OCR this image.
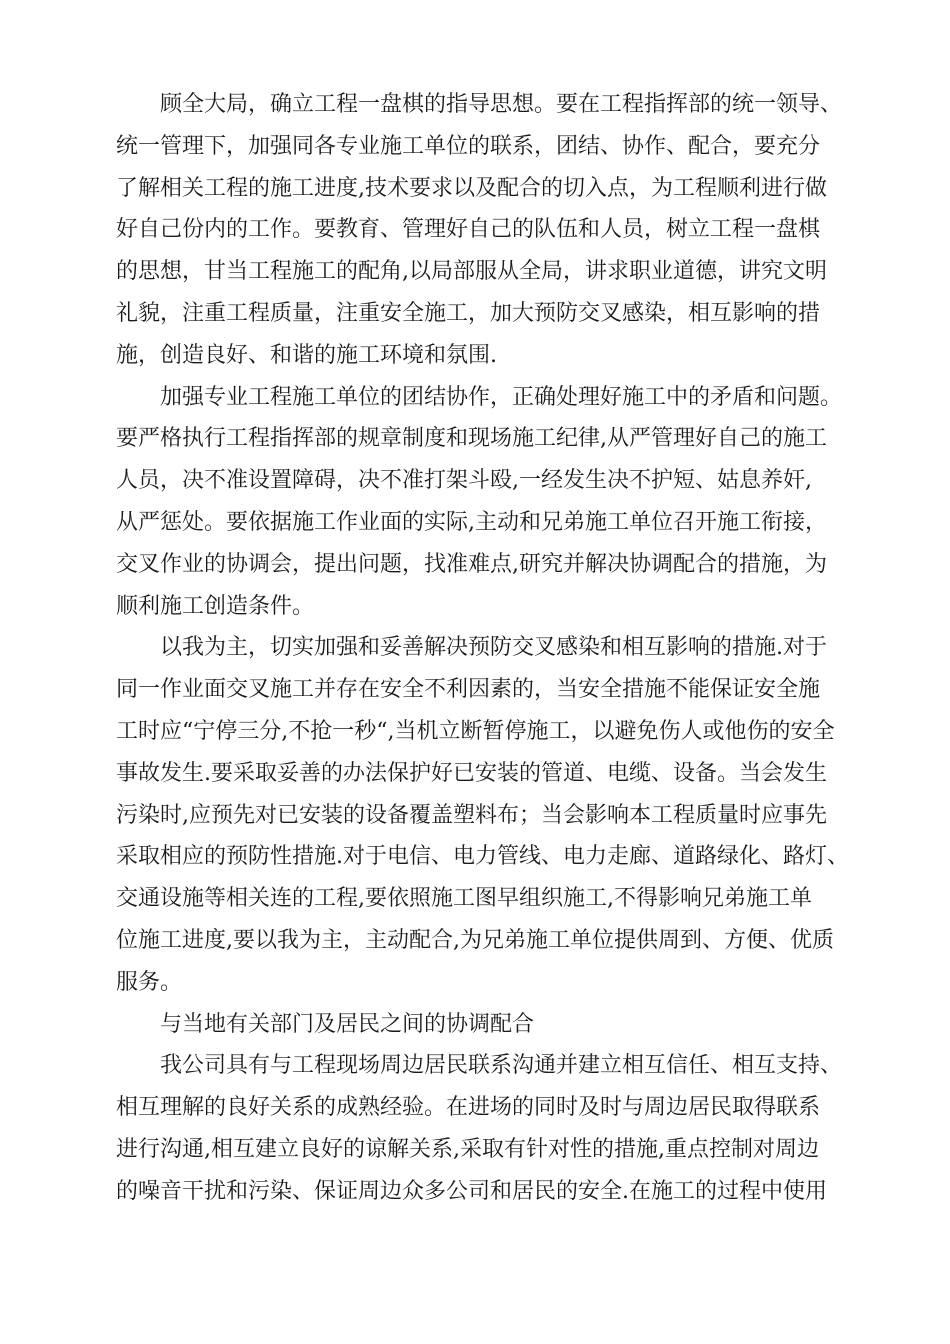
顾全大局，确立工程一盘棋的指导思想。要在工程指挥部的统一领导、
统一管理下，加强同各专业施工单位的联系，团结、协作、配合，要充分
了解相关工程的施工进度,技术要求以及配合的切入点，为工程顺利进行做
好自己份内的工作。要教育、管理好自己的队伍和人员，树立工程一盘棋
的思想，甘当工程施工的配角,以局部服从全局，讲求职业道德，讲究文明
礼貌，注重工程质量，注重安全施工，加大预防交叉感染，相互影响的措
施，创造良好、和谐的施工环境和氛围.
加强专业工程施工单位的团结协作，正确处理好施工中的矛盾和问题。
要严格执行工程指挥部的规章制度和现场施工纪律,从严管理好自己的施工
人员，决不准设置障碍，决不准打架斗殴,一经发生决不护短、姑息养奸,
从严惩处。要依据施工作业面的实际,主动和兄弟施工单位召开施工衔接，
交叉作业的协调会，提出问题，找准难点,研究并解决协调配合的措施，为
顺利施工创造条件。
以我为主，切实加强和妥善解决预防交叉感染和相互影响的措施.对于
同一作业面交叉施工并存在安全不利因素的，当安全措施不能保证安全施
工时应“宁停三分,不抢一秒“,当机立断暂停施工，以避免伤人或他伤的安全
事故发生.要采取妥善的办法保护好已安装的管道、电缆、设备。当会发生
污染时,应预先对已安装的设备覆盖塑料布；当会影响本工程质量时应事先
采取相应的预防性措施.对于电信、电力管线、电力走廊、道路绿化、路灯、
交通设施等相关连的工程,要依照施工图早组织施工,不得影响兄弟施工单
位施工进度,要以我为主，主动配合,为兄弟施工单位提供周到、方便、优质
服务。
与当地有关部门及居民之间的协调配合
我公司具有与工程现场周边居民联系沟通并建立相互信任、相互支持、
相互理解的良好关系的成熟经验。在进场的同时及时与周边居民取得联系
进行沟通,相互建立良好的谅解关系,采取有针对性的措施,重点控制对周边
的噪音干扰和污染、保证周边众多公司和居民的安全.在施工的过程中使用
